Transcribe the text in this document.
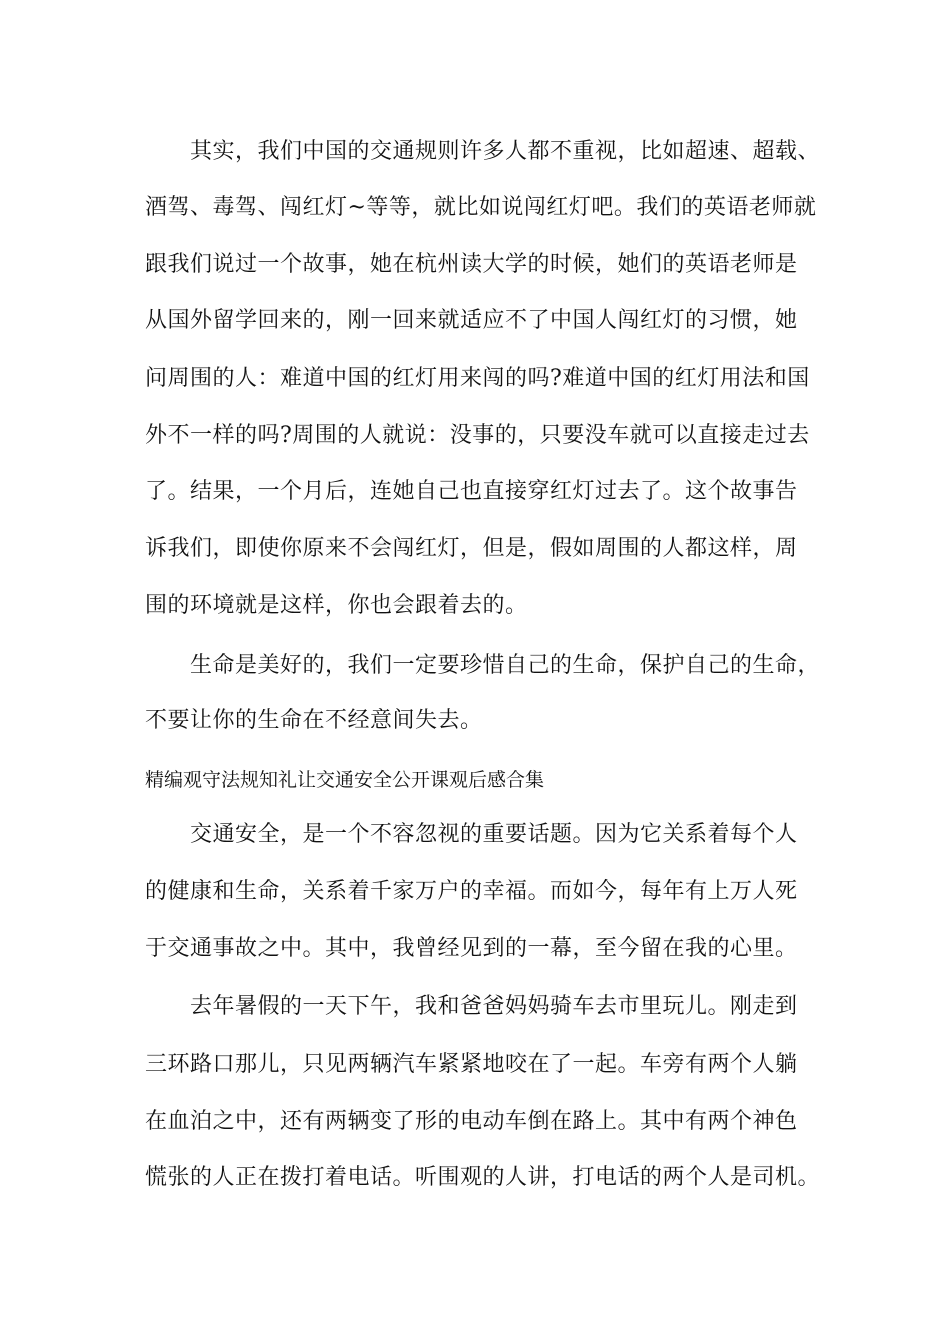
其实，我们中国的交通规则许多人都不重视，比如超速、超载、
酒驾、毒驾、闯红灯~等等，就比如说闯红灯吧。我们的英语老师就
跟我们说过一个故事，她在杭州读大学的时候，她们的英语老师是
从国外留学回来的，刚一回来就适应不了中国人闯红灯的习惯，她
问周围的人：难道中国的红灯用来闯的吗?难道中国的红灯用法和国
外不一样的吗?周围的人就说：没事的，只要没车就可以直接走过去
了。结果，一个月后，连她自己也直接穿红灯过去了。这个故事告
诉我们，即使你原来不会闯红灯，但是，假如周围的人都这样，周
围的环境就是这样，你也会跟着去的。
生命是美好的，我们一定要珍惜自己的生命，保护自己的生命，
不要让你的生命在不经意间失去。
精编观守法规知礼让交通安全公开课观后感合集
交通安全，是一个不容忽视的重要话题。因为它关系着每个人
的健康和生命，关系着千家万户的幸福。而如今，每年有上万人死
于交通事故之中。其中，我曾经见到的一幕，至今留在我的心里。
去年暑假的一天下午，我和爸爸妈妈骑车去市里玩儿。刚走到
三环路口那儿，只见两辆汽车紧紧地咬在了一起。车旁有两个人躺
在血泊之中，还有两辆变了形的电动车倒在路上。其中有两个神色
慌张的人正在拨打着电话。听围观的人讲，打电话的两个人是司机。
